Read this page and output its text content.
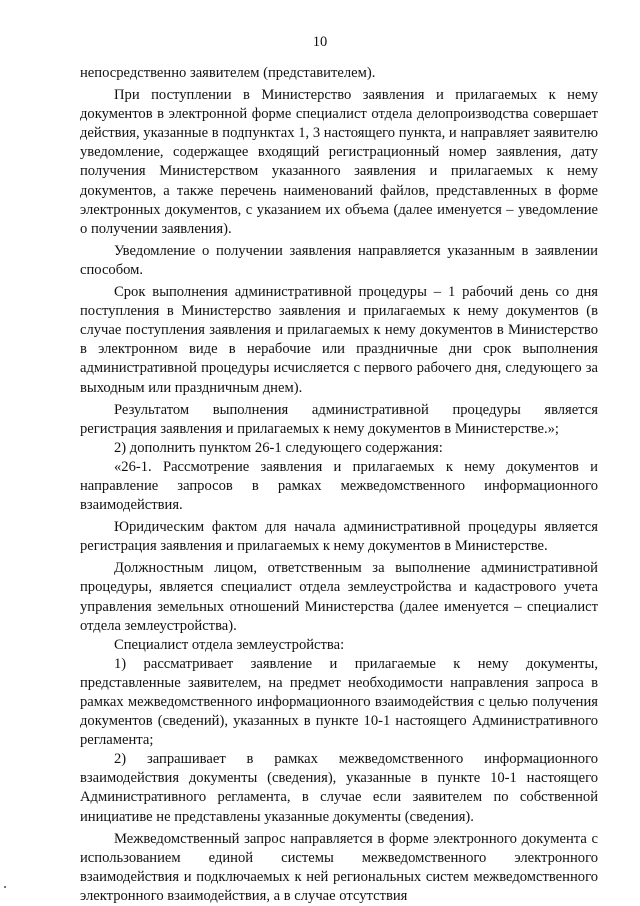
10

непосредственно заявителем (представителем).

При поступлении в Министерство заявления и прилагаемых к нему документов в электронной форме специалист отдела делопроизводства совершает действия, указанные в подпунктах 1, 3 настоящего пункта, и направляет заявителю уведомление, содержащее входящий регистрационный номер заявления, дату получения Министерством указанного заявления и прилагаемых к нему документов, а также перечень наименований файлов, представленных в форме электронных документов, с указанием их объема (далее именуется – уведомление о получении заявления).

Уведомление о получении заявления направляется указанным в заявлении способом.

Срок выполнения административной процедуры – 1 рабочий день со дня поступления в Министерство заявления и прилагаемых к нему документов (в случае поступления заявления и прилагаемых к нему документов в Министерство в электронном виде в нерабочие или праздничные дни срок выполнения административной процедуры исчисляется с первого рабочего дня, следующего за выходным или праздничным днем).

Результатом выполнения административной процедуры является регистрация заявления и прилагаемых к нему документов в Министерстве.»;

2) дополнить пунктом 26-1 следующего содержания:

«26-1. Рассмотрение заявления и прилагаемых к нему документов и направление запросов в рамках межведомственного информационного взаимодействия.

Юридическим фактом для начала административной процедуры является регистрация заявления и прилагаемых к нему документов в Министерстве.

Должностным лицом, ответственным за выполнение административной процедуры, является специалист отдела землеустройства и кадастрового учета управления земельных отношений Министерства (далее именуется – специалист отдела землеустройства).

Специалист отдела землеустройства:

1) рассматривает заявление и прилагаемые к нему документы, представленные заявителем, на предмет необходимости направления запроса в рамках межведомственного информационного взаимодействия с целью получения документов (сведений), указанных в пункте 10-1 настоящего Административного регламента;

2) запрашивает в рамках межведомственного информационного взаимодействия документы (сведения), указанные в пункте 10-1 настоящего Административного регламента, в случае если заявителем по собственной инициативе не представлены указанные документы (сведения).

Межведомственный запрос направляется в форме электронного документа с использованием единой системы межведомственного электронного взаимодействия и подключаемых к ней региональных систем межведомственного электронного взаимодействия, а в случае отсутствия
